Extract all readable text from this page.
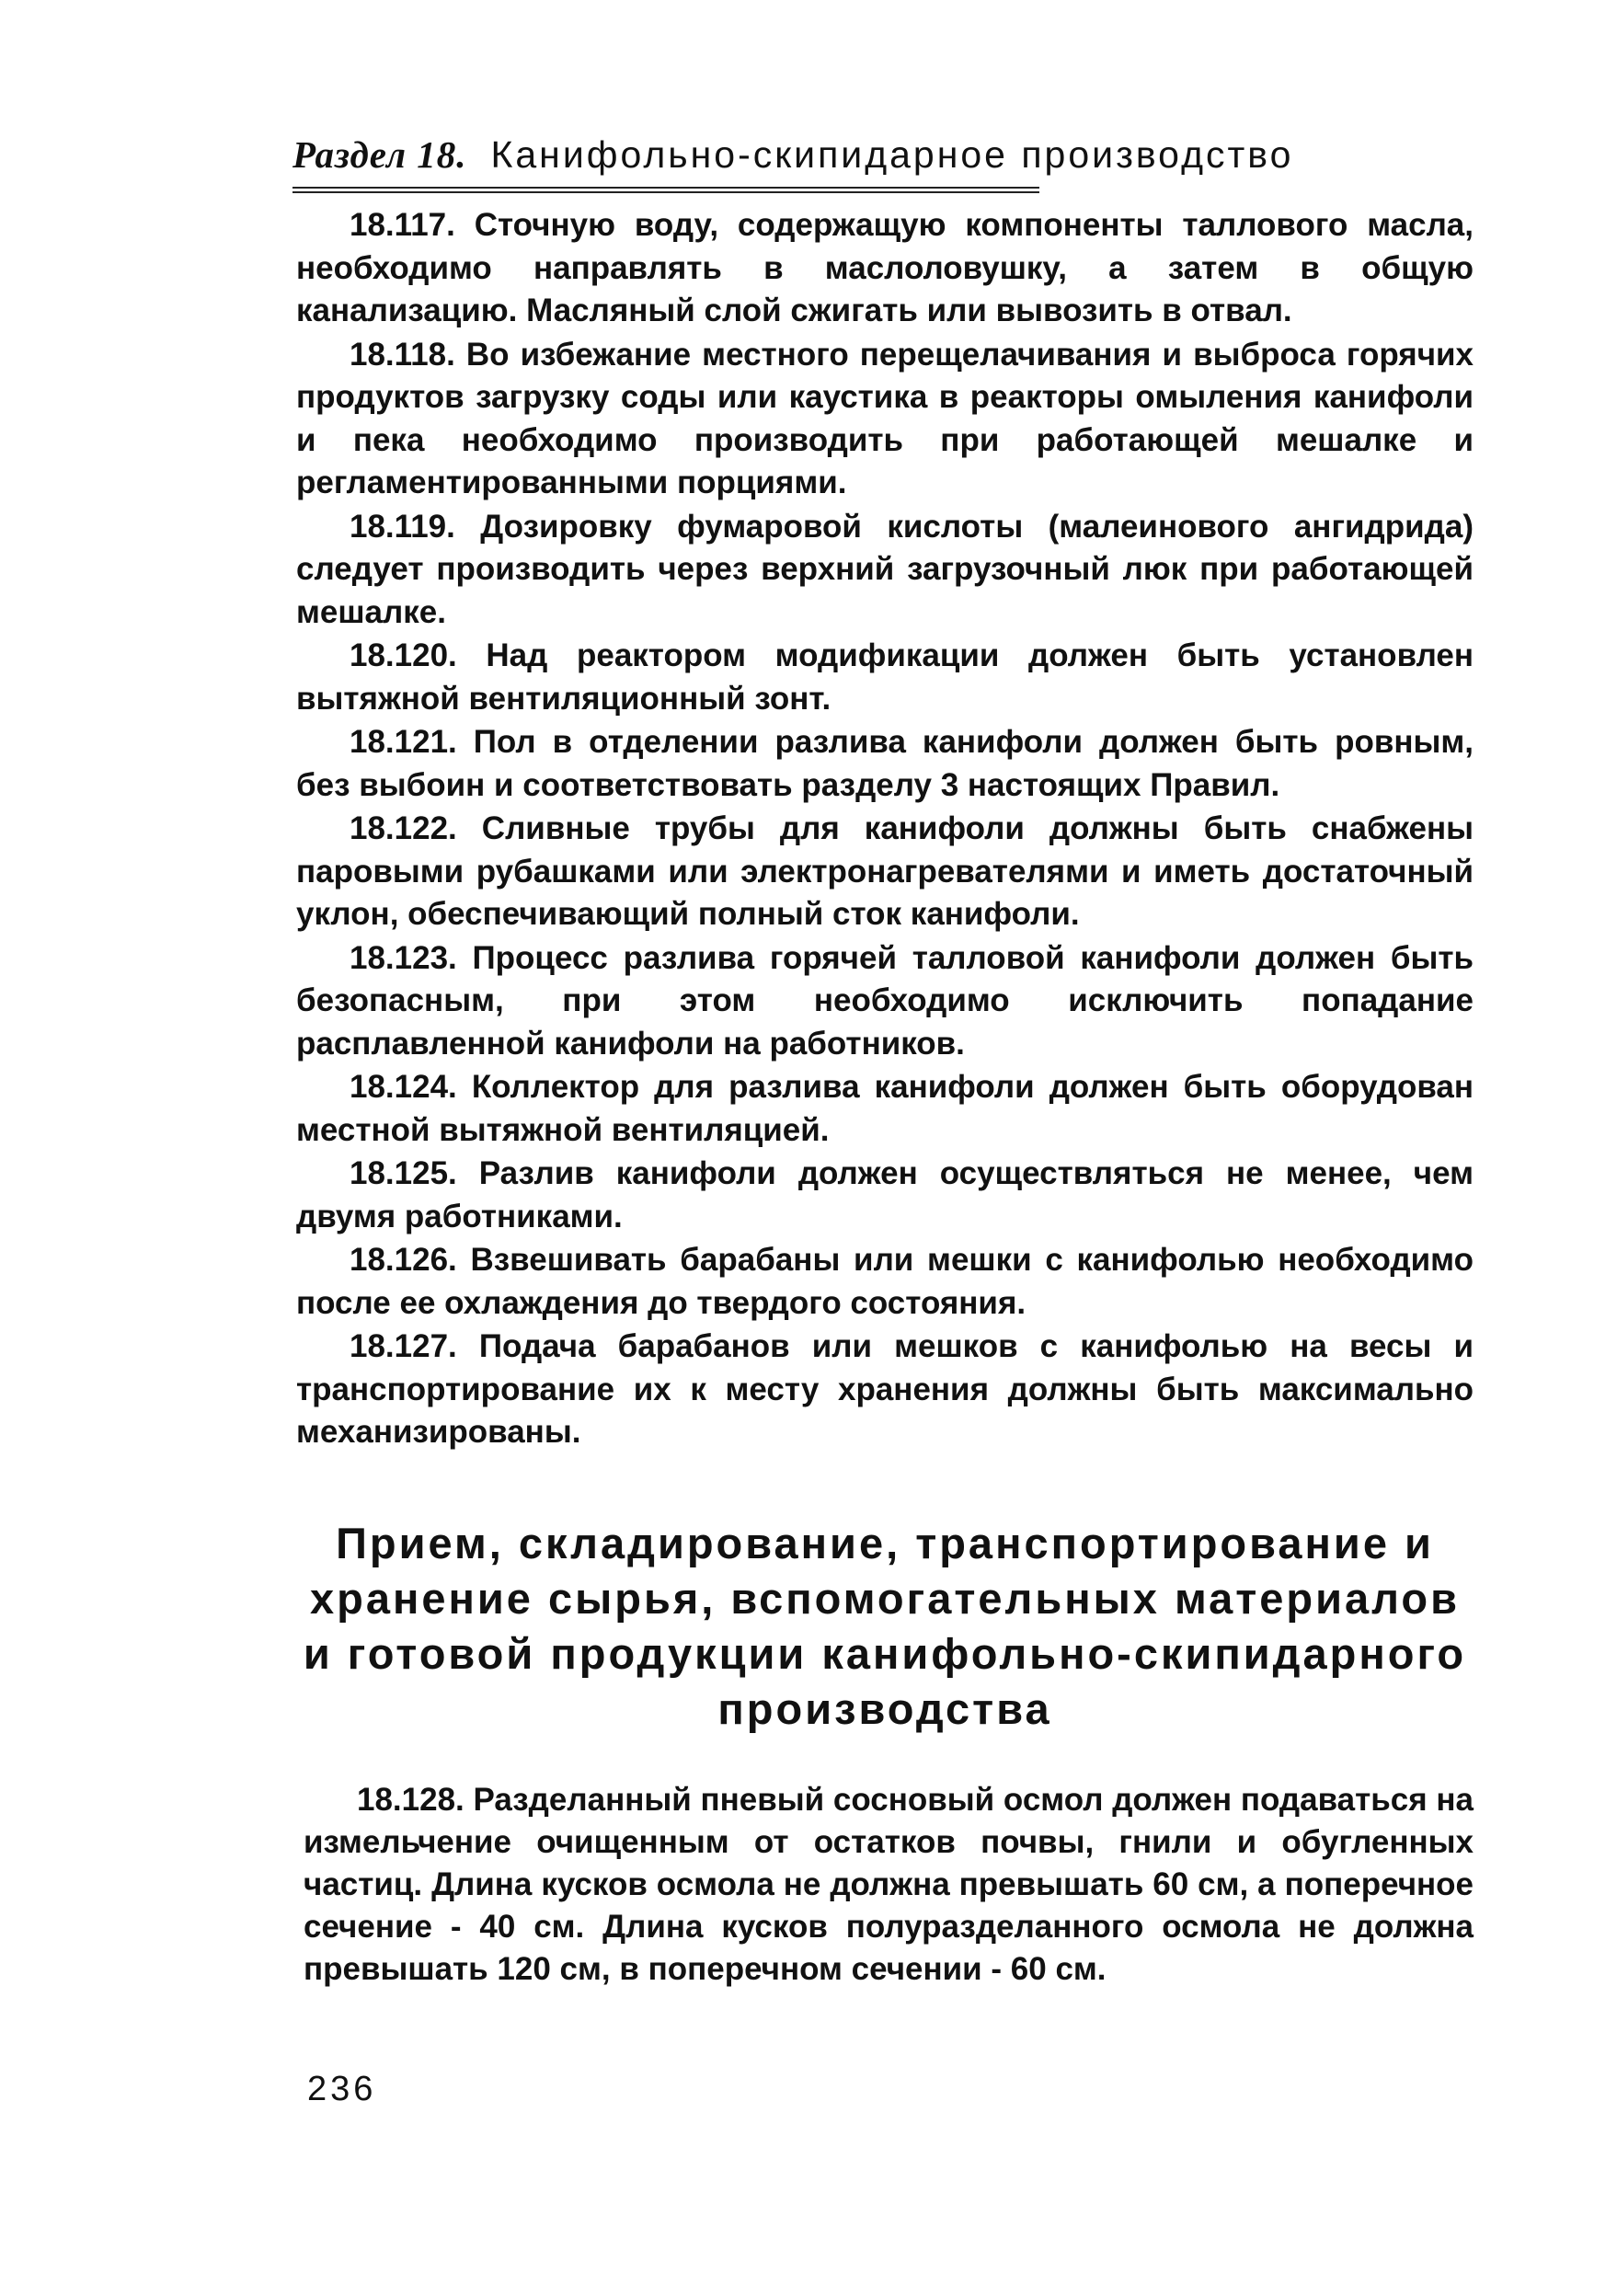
Раздел 18. Канифольно-скипидарное производство

18.117. Сточную воду, содержащую компоненты таллового масла, необходимо направлять в маслоловушку, а затем в общую канализацию. Масляный слой сжигать или вывозить в отвал.

18.118. Во избежание местного перещелачивания и выброса горячих продуктов загрузку соды или каустика в реакторы омыления канифоли и пека необходимо производить при работающей мешалке и регламентированными порциями.

18.119. Дозировку фумаровой кислоты (малеинового ангидрида) следует производить через верхний загрузочный люк при работающей мешалке.

18.120. Над реактором модификации должен быть установлен вытяжной вентиляционный зонт.

18.121. Пол в отделении разлива канифоли должен быть ровным, без выбоин и соответствовать разделу 3 настоящих Правил.

18.122. Сливные трубы для канифоли должны быть снабжены паровыми рубашками или электронагревателями и иметь достаточный уклон, обеспечивающий полный сток канифоли.

18.123. Процесс разлива горячей талловой канифоли должен быть безопасным, при этом необходимо исключить попадание расплавленной канифоли на работников.

18.124. Коллектор для разлива канифоли должен быть оборудован местной вытяжной вентиляцией.

18.125. Разлив канифоли должен осуществляться не менее, чем двумя работниками.

18.126. Взвешивать барабаны или мешки с канифолью необходимо после ее охлаждения до твердого состояния.

18.127. Подача барабанов или мешков с канифолью на весы и транспортирование их к месту хранения должны быть максимально механизированы.

Прием, складирование, транспортирование и хранение сырья, вспомогательных материалов и готовой продукции канифольно-скипидарного производства

18.128. Разделанный пневый сосновый осмол должен подаваться на измельчение очищенным от остатков почвы, гнили и обугленных частиц. Длина кусков осмола не должна превышать 60 см, а поперечное сечение - 40 см. Длина кусков полуразделанного осмола не должна превышать 120 см, в поперечном сечении - 60 см.

236
